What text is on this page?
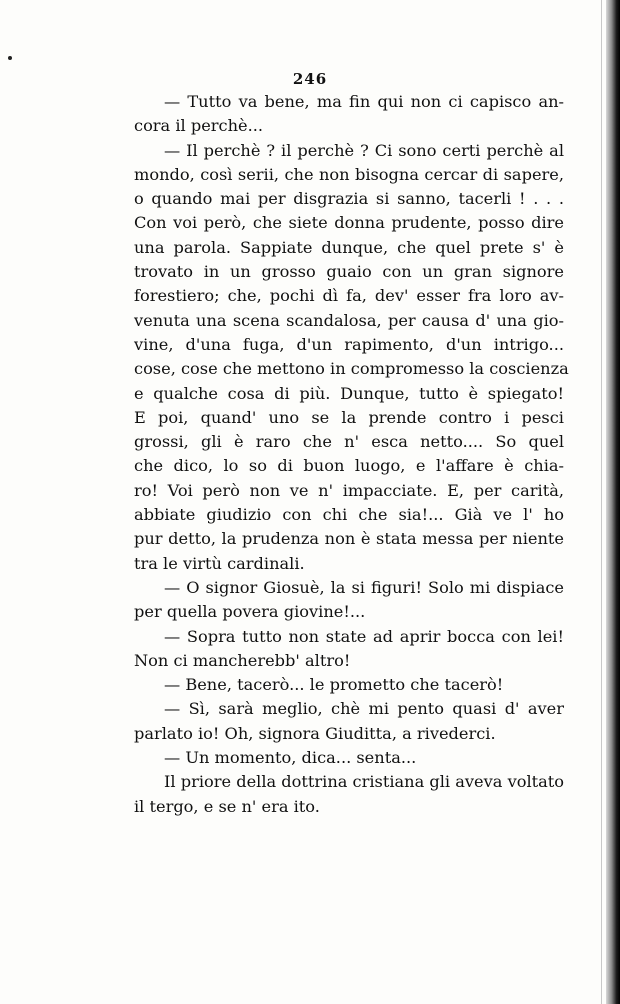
246
— Tutto va bene, ma fin qui non ci capisco an-
cora il perchè...
— Il perchè ? il perchè ? Ci sono certi perchè al
mondo, così serii, che non bisogna cercar di sapere,
o quando mai per disgrazia si sanno, tacerli ! . . .
Con voi però, che siete donna prudente, posso dire
una parola. Sappiate dunque, che quel prete s' è
trovato in un grosso guaio con un gran signore
forestiero; che, pochi dì fa, dev' esser fra loro av-
venuta una scena scandalosa, per causa d' una gio-
vine, d'una fuga, d'un rapimento, d'un intrigo...
cose, cose che mettono in compromesso la coscienza
e qualche cosa di più. Dunque, tutto è spiegato!
E poi, quand' uno se la prende contro i pesci
grossi, gli è raro che n' esca netto.... So quel
che dico, lo so di buon luogo, e l'affare è chia-
ro! Voi però non ve n' impacciate. E, per carità,
abbiate giudizio con chi che sia!... Già ve l' ho
pur detto, la prudenza non è stata messa per niente
tra le virtù cardinali.
— O signor Giosuè, la si figuri! Solo mi dispiace
per quella povera giovine!...
— Sopra tutto non state ad aprir bocca con lei!
Non ci mancherebb' altro!
— Bene, tacerò... le prometto che tacerò!
— Sì, sarà meglio, chè mi pento quasi d' aver
parlato io! Oh, signora Giuditta, a rivederci.
— Un momento, dica... senta...
Il priore della dottrina cristiana gli aveva voltato
il tergo, e se n' era ito.
